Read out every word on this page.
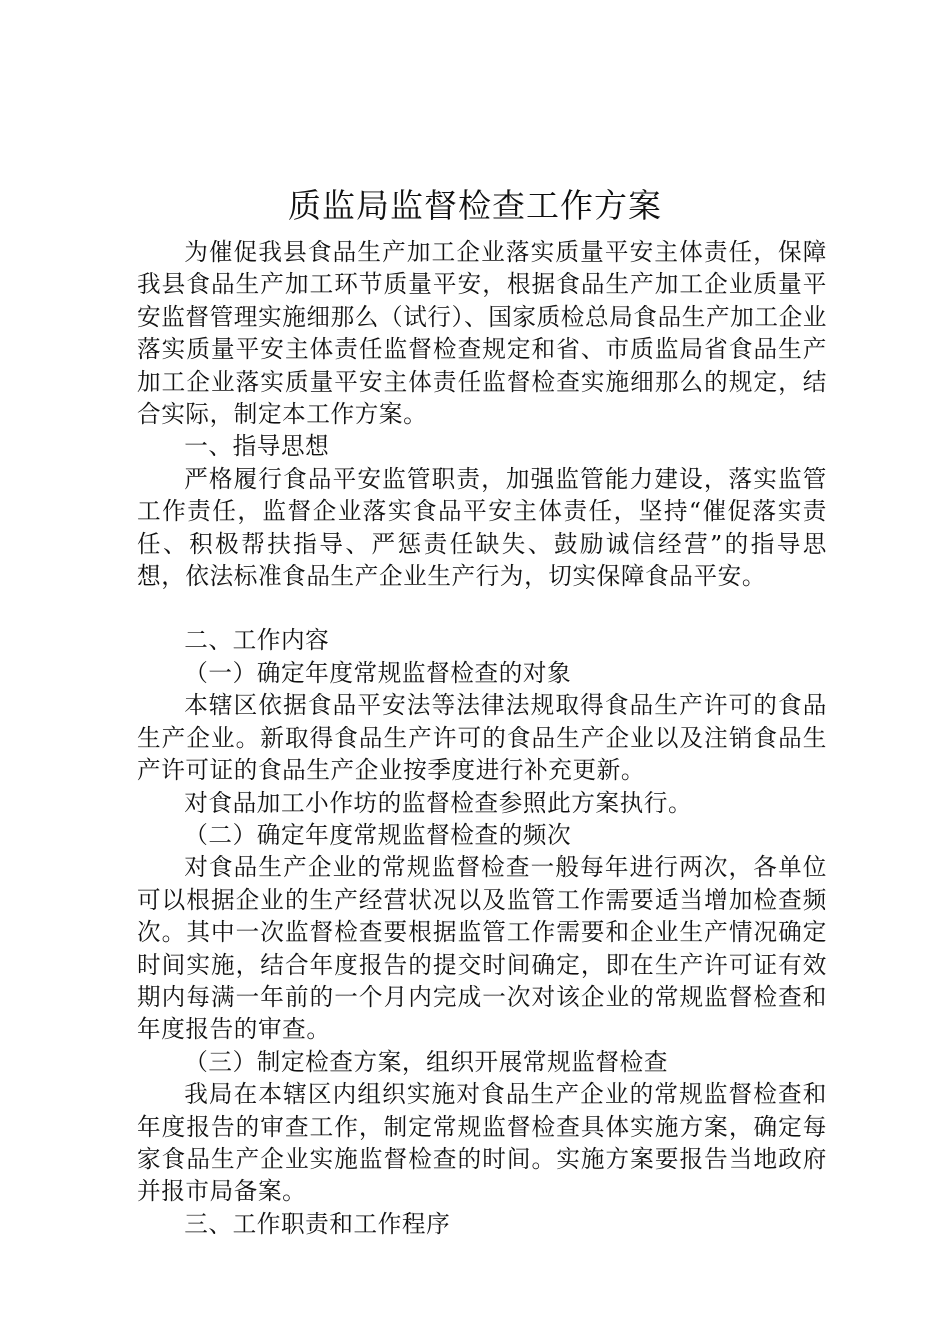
质监局监督检查工作方案

为催促我县食品生产加工企业落实质量平安主体责任，保障我县食品生产加工环节质量平安，根据食品生产加工企业质量平安监督管理实施细那么（试行）、国家质检总局食品生产加工企业落实质量平安主体责任监督检查规定和省、市质监局省食品生产加工企业落实质量平安主体责任监督检查实施细那么的规定，结合实际，制定本工作方案。

一、指导思想

严格履行食品平安监管职责，加强监管能力建设，落实监管工作责任，监督企业落实食品平安主体责任，坚持“催促落实责任、积极帮扶指导、严惩责任缺失、鼓励诚信经营”的指导思想，依法标准食品生产企业生产行为，切实保障食品平安。

二、工作内容

（一）确定年度常规监督检查的对象

本辖区依据食品平安法等法律法规取得食品生产许可的食品生产企业。新取得食品生产许可的食品生产企业以及注销食品生产许可证的食品生产企业按季度进行补充更新。

对食品加工小作坊的监督检查参照此方案执行。

（二）确定年度常规监督检查的频次

对食品生产企业的常规监督检查一般每年进行两次，各单位可以根据企业的生产经营状况以及监管工作需要适当增加检查频次。其中一次监督检查要根据监管工作需要和企业生产情况确定时间实施，结合年度报告的提交时间确定，即在生产许可证有效期内每满一年前的一个月内完成一次对该企业的常规监督检查和年度报告的审查。

（三）制定检查方案，组织开展常规监督检查

我局在本辖区内组织实施对食品生产企业的常规监督检查和年度报告的审查工作，制定常规监督检查具体实施方案，确定每家食品生产企业实施监督检查的时间。实施方案要报告当地政府并报市局备案。

三、工作职责和工作程序
